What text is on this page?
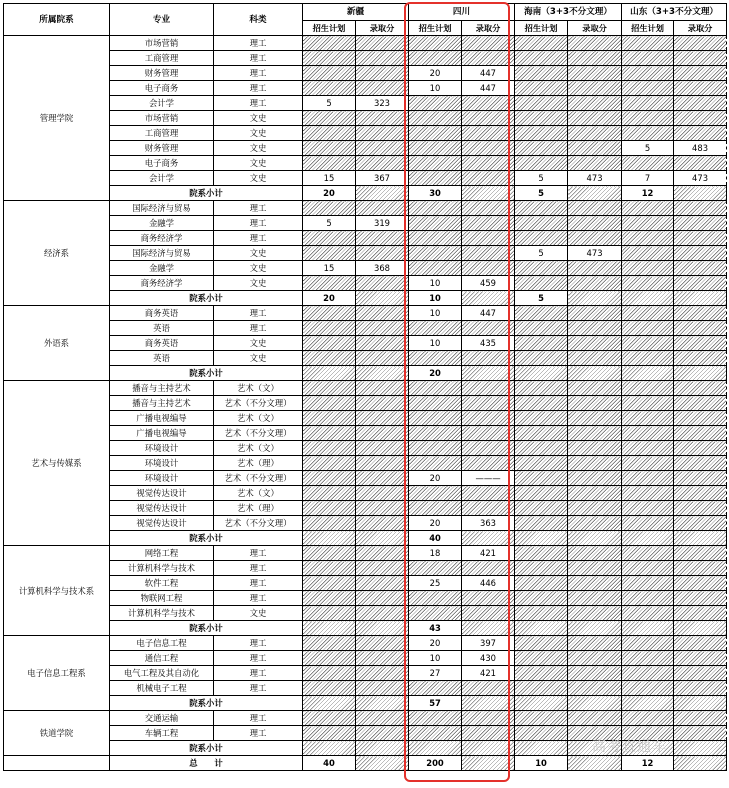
所属院系	专业	科类	新疆		四川		海南（3+3不分文理）		山东（3+3不分文理）	
			招生计划	录取分	招生计划	录取分	招生计划	录取分	招生计划	录取分
管理学院	市场营销	理工								
	工商管理	理工								
	财务管理	理工			20	447				
	电子商务	理工			10	447				
	会计学	理工	5	323						
	市场营销	文史								
	工商管理	文史								
	财务管理	文史							5	483
	电子商务	文史								
	会计学	文史	15	367			5	473	7	473
	院系小计		20		30		5		12	
经济系	国际经济与贸易	理工								
	金融学	理工	5	319						
	商务经济学	理工								
	国际经济与贸易	文史					5	473		
	金融学	文史	15	368						
	商务经济学	文史			10	459				
	院系小计		20		10		5			
外语系	商务英语	理工			10	447				
	英语	理工								
	商务英语	文史			10	435				
	英语	文史								
	院系小计				20					
艺术与传媒系	播音与主持艺术	艺术（文）								
	播音与主持艺术	艺术（不分文理）								
	广播电视编导	艺术（文）								
	广播电视编导	艺术（不分文理）								
	环境设计	艺术（文）								
	环境设计	艺术（理）								
	环境设计	艺术（不分文理）			20	———				
	视觉传达设计	艺术（文）								
	视觉传达设计	艺术（理）								
	视觉传达设计	艺术（不分文理）			20	363				
	院系小计				40					
计算机科学与技术系	网络工程	理工			18	421				
	计算机科学与技术	理工								
	软件工程	理工			25	446				
	物联网工程	理工								
	计算机科学与技术	文史								
	院系小计				43					
电子信息工程系	电子信息工程	理工			20	397				
	通信工程	理工			10	430				
	电气工程及其自动化	理工			27	421				
	机械电子工程	理工								
	院系小计				57					
铁道学院	交通运输	理工								
	车辆工程	理工								
	院系小计									
	总　　计		40		200		10		12	
高考直通车
